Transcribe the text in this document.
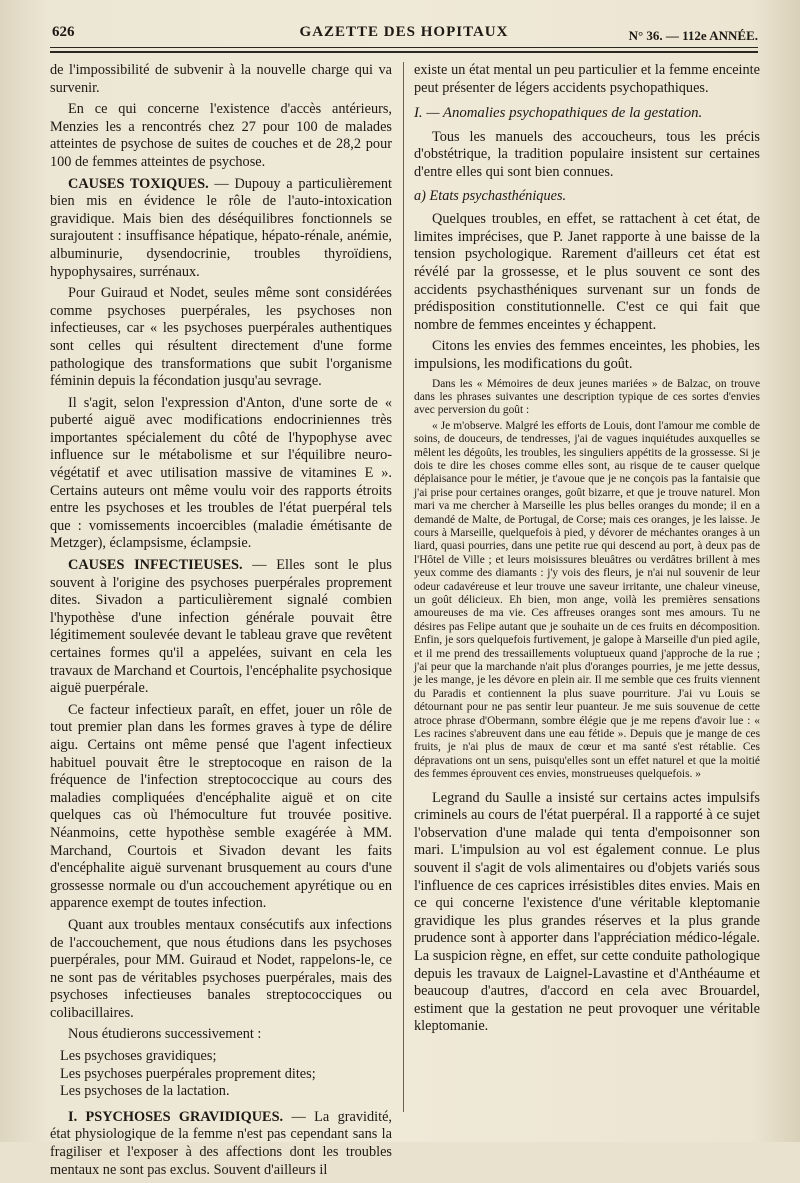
626	GAZETTE DES HOPITAUX	N° 36. — 112e ANNÉE.

de l'impossibilité de subvenir à la nouvelle charge qui va survenir.

En ce qui concerne l'existence d'accès antérieurs, Menzies les a rencontrés chez 27 pour 100 de malades atteintes de psychose de suites de couches et de 28,2 pour 100 de femmes atteintes de psychose.

CAUSES TOXIQUES. — Dupouy a particulièrement bien mis en évidence le rôle de l'auto-intoxication gravidique. Mais bien des déséquilibres fonctionnels se surajoutent : insuffisance hépatique, hépato-rénale, anémie, albuminurie, dysendocrinie, troubles thyroïdiens, hypophysaires, surrénaux.

Pour Guiraud et Nodet, seules même sont considérées comme psychoses puerpérales, les psychoses non infectieuses, car « les psychoses puerpérales authentiques sont celles qui résultent directement d'une forme pathologique des transformations que subit l'organisme féminin depuis la fécondation jusqu'au sevrage.

Il s'agit, selon l'expression d'Anton, d'une sorte de « puberté aiguë avec modifications endocriniennes très importantes spécialement du côté de l'hypophyse avec influence sur le métabolisme et sur l'équilibre neuro-végétatif et avec utilisation massive de vitamines E ». Certains auteurs ont même voulu voir des rapports étroits entre les psychoses et les troubles de l'état puerpéral tels que : vomissements incoercibles (maladie émétisante de Metzger), éclampsisme, éclampsie.

CAUSES INFECTIEUSES. — Elles sont le plus souvent à l'origine des psychoses puerpérales proprement dites. Sivadon a particulièrement signalé combien l'hypothèse d'une infection générale pouvait être légitimement soulevée devant le tableau grave que revêtent certaines formes qu'il a appelées, suivant en cela les travaux de Marchand et Courtois, l'encéphalite psychosique aiguë puerpérale.

Ce facteur infectieux paraît, en effet, jouer un rôle de tout premier plan dans les formes graves à type de délire aigu. Certains ont même pensé que l'agent infectieux habituel pouvait être le streptocoque en raison de la fréquence de l'infection streptococcique au cours des maladies compliquées d'encéphalite aiguë et on cite quelques cas où l'hémoculture fut trouvée positive. Néanmoins, cette hypothèse semble exagérée à MM. Marchand, Courtois et Sivadon devant les faits d'encéphalite aiguë survenant brusquement au cours d'une grossesse normale ou d'un accouchement apyrétique ou en apparence exempt de toutes infection.

Quant aux troubles mentaux consécutifs aux infections de l'accouchement, que nous étudions dans les psychoses puerpérales, pour MM. Guiraud et Nodet, rappelons-le, ce ne sont pas de véritables psychoses puerpérales, mais des psychoses infectieuses banales streptococciques ou colibacillaires.

Nous étudierons successivement :

Les psychoses gravidiques;

Les psychoses puerpérales proprement dites;

Les psychoses de la lactation.

I. PSYCHOSES GRAVIDIQUES. — La gravidité, état physiologique de la femme n'est pas cependant sans la fragiliser et l'exposer à des affections dont les troubles mentaux ne sont pas exclus. Souvent d'ailleurs il

existe un état mental un peu particulier et la femme enceinte peut présenter de légers accidents psychopathiques.

I. — Anomalies psychopathiques de la gestation.

Tous les manuels des accoucheurs, tous les précis d'obstétrique, la tradition populaire insistent sur certaines d'entre elles qui sont bien connues.

a) Etats psychasthéniques.

Quelques troubles, en effet, se rattachent à cet état, de limites imprécises, que P. Janet rapporte à une baisse de la tension psychologique. Rarement d'ailleurs cet état est révélé par la grossesse, et le plus souvent ce sont des accidents psychasthéniques survenant sur un fonds de prédisposition constitutionnelle. C'est ce qui fait que nombre de femmes enceintes y échappent.

Citons les envies des femmes enceintes, les phobies, les impulsions, les modifications du goût.

Dans les « Mémoires de deux jeunes mariées » de Balzac, on trouve dans les phrases suivantes une description typique de ces sortes d'envies avec perversion du goût :

« Je m'observe. Malgré les efforts de Louis, dont l'amour me comble de soins, de douceurs, de tendresses, j'ai de vagues inquiétudes auxquelles se mêlent les dégoûts, les troubles, les singuliers appétits de la grossesse. Si je dois te dire les choses comme elles sont, au risque de te causer quelque déplaisance pour le métier, je t'avoue que je ne conçois pas la fantaisie que j'ai prise pour certaines oranges, goût bizarre, et que je trouve naturel. Mon mari va me chercher à Marseille les plus belles oranges du monde; il en a demandé de Malte, de Portugal, de Corse; mais ces oranges, je les laisse. Je cours à Marseille, quelquefois à pied, y dévorer de méchantes oranges à un liard, quasi pourries, dans une petite rue qui descend au port, à deux pas de l'Hôtel de Ville ; et leurs moisissures bleuâtres ou verdâtres brillent à mes yeux comme des diamants : j'y vois des fleurs, je n'ai nul souvenir de leur odeur cadavéreuse et leur trouve une saveur irritante, une chaleur vineuse, un goût délicieux. Eh bien, mon ange, voilà les premières sensations amoureuses de ma vie. Ces affreuses oranges sont mes amours. Tu ne désires pas Felipe autant que je souhaite un de ces fruits en décomposition. Enfin, je sors quelquefois furtivement, je galope à Marseille d'un pied agile, et il me prend des tressaillements voluptueux quand j'approche de la rue ; j'ai peur que la marchande n'ait plus d'oranges pourries, je me jette dessus, je les mange, je les dévore en plein air. Il me semble que ces fruits viennent du Paradis et contiennent la plus suave pourriture. J'ai vu Louis se détournant pour ne pas sentir leur puanteur. Je me suis souvenue de cette atroce phrase d'Obermann, sombre élégie que je me repens d'avoir lue : « Les racines s'abreuvent dans une eau fétide ». Depuis que je mange de ces fruits, je n'ai plus de maux de cœur et ma santé s'est rétablie. Ces dépravations ont un sens, puisqu'elles sont un effet naturel et que la moitié des femmes éprouvent ces envies, monstrueuses quelquefois. »

Legrand du Saulle a insisté sur certains actes impulsifs criminels au cours de l'état puerpéral. Il a rapporté à ce sujet l'observation d'une malade qui tenta d'empoisonner son mari. L'impulsion au vol est également connue. Le plus souvent il s'agit de vols alimentaires ou d'objets variés sous l'influence de ces caprices irrésistibles dites envies. Mais en ce qui concerne l'existence d'une véritable kleptomanie gravidique les plus grandes réserves et la plus grande prudence sont à apporter dans l'appréciation médico-légale. La suspicion règne, en effet, sur cette conduite pathologique depuis les travaux de Laignel-Lavastine et d'Anthéaume et beaucoup d'autres, d'accord en cela avec Brouardel, estiment que la gestation ne peut provoquer une véritable kleptomanie.
